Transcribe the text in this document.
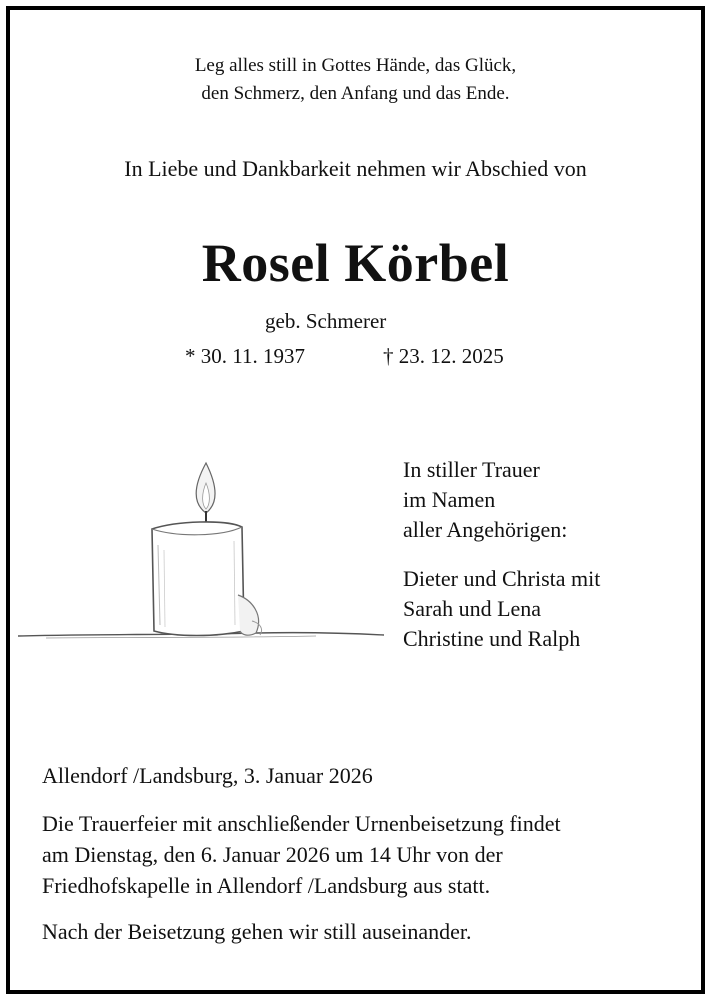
Leg alles still in Gottes Hände, das Glück,
den Schmerz, den Anfang und das Ende.
In Liebe und Dankbarkeit nehmen wir Abschied von
Rosel Körbel
geb. Schmerer
* 30. 11. 1937	† 23. 12. 2025
In stiller Trauer
im Namen
aller Angehörigen:
Dieter und Christa mit
Sarah und Lena
Christine und Ralph
Allendorf /Landsburg, 3. Januar 2026
Die Trauerfeier mit anschließender Urnenbeisetzung findet
am Dienstag, den 6. Januar 2026 um 14 Uhr von der
Friedhofskapelle in Allendorf /Landsburg aus statt.
Nach der Beisetzung gehen wir still auseinander.
